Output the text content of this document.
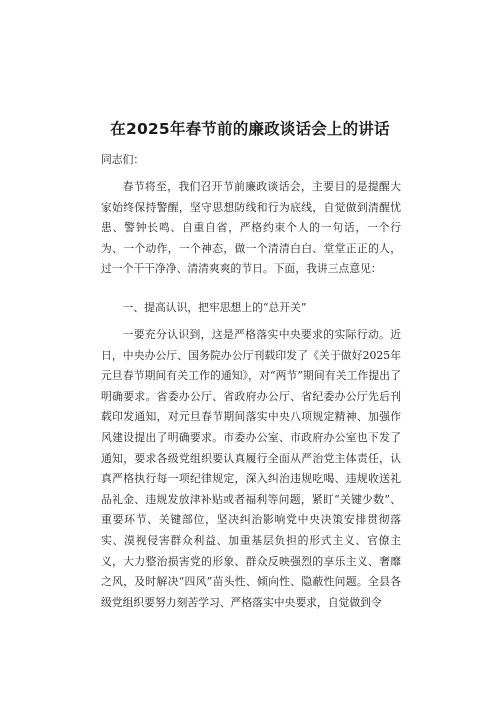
在2025年春节前的廉政谈话会上的讲话

同志们：

春节将至，我们召开节前廉政谈话会，主要目的是提醒大家始终保持警醒，坚守思想防线和行为底线，自觉做到清醒忧患、警钟长鸣、自重自省，严格约束个人的一句话，一个行为、一个动作，一个神态，做一个清清白白、堂堂正正的人，过一个干干净净、清清爽爽的节日。下面，我讲三点意见：

一、提高认识，把牢思想上的“总开关”

一要充分认识到，这是严格落实中央要求的实际行动。近日，中央办公厅、国务院办公厅刊载印发了《关于做好2025年元旦春节期间有关工作的通知》，对“两节”期间有关工作提出了明确要求。省委办公厅、省政府办公厅、省纪委办公厅先后刊载印发通知，对元旦春节期间落实中央八项规定精神、加强作风建设提出了明确要求。市委办公室、市政府办公室也下发了通知，要求各级党组织要认真履行全面从严治党主体责任，认真严格执行每一项纪律规定，深入纠治违规吃喝、违规收送礼品礼金、违规发放津补贴或者福利等问题，紧盯“关键少数”、重要环节、关键部位，坚决纠治影响党中央决策安排贯彻落实、漠视侵害群众利益、加重基层负担的形式主义、官僚主义，大力整治损害党的形象、群众反映强烈的享乐主义、奢靡之风，及时解决“四风”苗头性、倾向性、隐蔽性问题。全县各级党组织要努力刻苦学习、严格落实中央要求，自觉做到令
